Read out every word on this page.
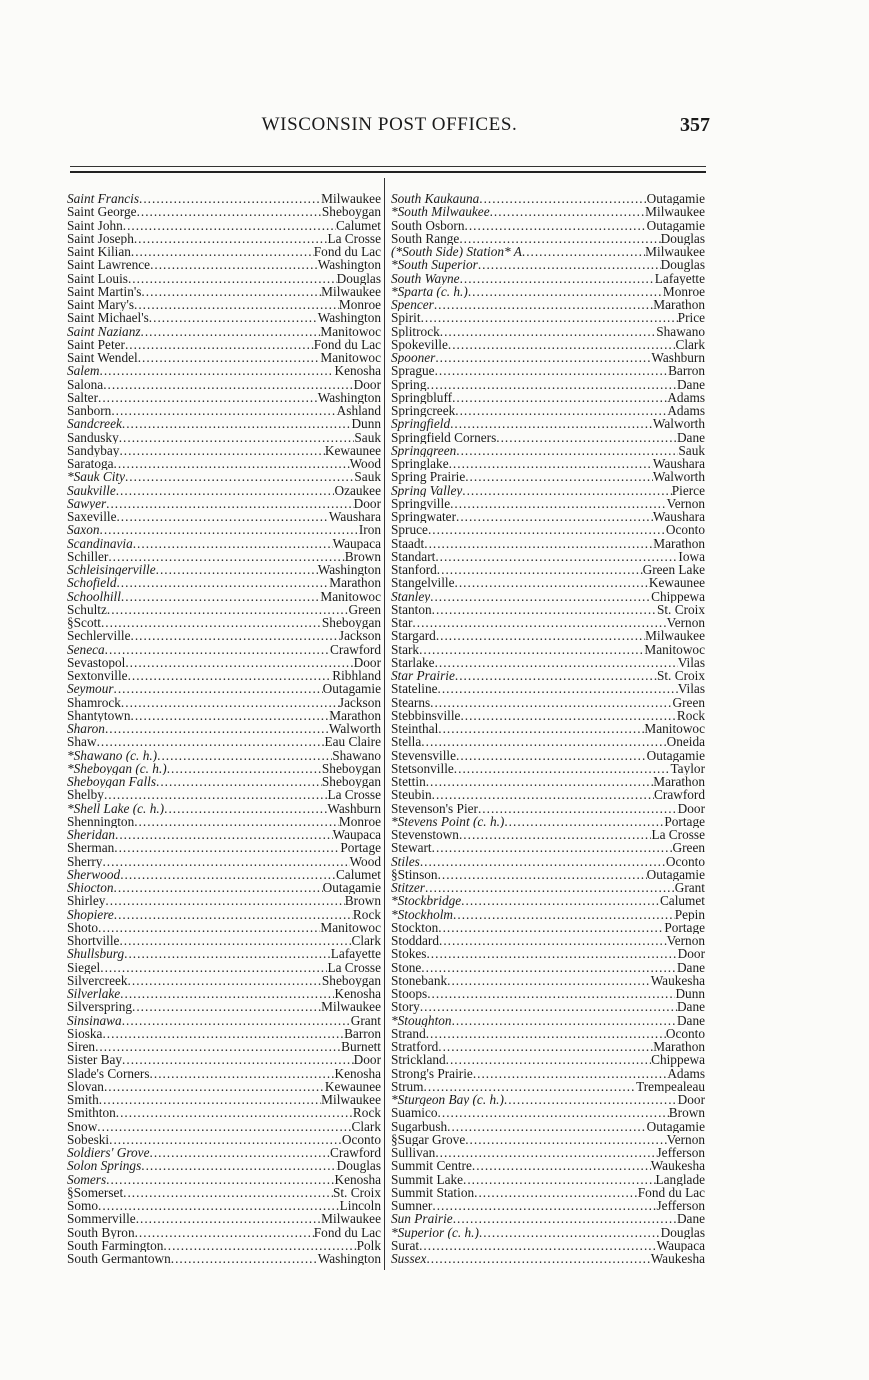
WISCONSIN POST OFFICES.	357
Saint Francis .....	Milwaukee
Saint George .....	Sheboygan
Saint John .....	Calumet
Saint Joseph .....	La Crosse
Saint Kilian .....	Fond du Lac
Saint Lawrence .....	Washington
Saint Louis .....	Douglas
Saint Martin's .....	Milwaukee
Saint Mary's .....	Monroe
Saint Michael's .....	Washington
Saint Nazianz .....	Manitowoc
Saint Peter .....	Fond du Lac
Saint Wendel .....	Manitowoc
Salem .....	Kenosha
Salona .....	Door
Salter .....	Washington
Sanborn .....	Ashland
Sandcreek .....	Dunn
Sandusky .....	Sauk
Sandybay .....	Kewaunee
Saratoga .....	Wood
*Sauk City .....	Sauk
Saukville .....	Ozaukee
Sawyer .....	Door
Saxeville .....	Waushara
Saxon .....	Iron
Scandinavia .....	Waupaca
Schiller .....	Brown
Schleisingerville .....	Washington
Schofield .....	Marathon
Schoolhill .....	Manitowoc
Schultz .....	Green
§Scott .....	Sheboygan
Sechlerville .....	Jackson
Seneca .....	Crawford
Sevastopol .....	Door
Sextonville .....	Ribhland
Seymour .....	Outagamie
Shamrock .....	Jackson
Shantytown .....	Marathon
Sharon .....	Walworth
Shaw .....	Eau Claire
*Shawano (c. h.) .....	Shawano
*Sheboygan (c. h.) .....	Sheboygan
Sheboygan Falls .....	Sheboygan
Shelby .....	La Crosse
*Shell Lake (c. h.) .....	Washburn
Shennington .....	Monroe
Sheridan .....	Waupaca
Sherman .....	Portage
Sherry .....	Wood
Sherwood .....	Calumet
Shiocton .....	Outagamie
Shirley .....	Brown
Shopiere .....	Rock
Shoto .....	Manitowoc
Shortville .....	Clark
Shullsburg .....	Lafayette
Siegel .....	La Crosse
Silvercreek .....	Sheboygan
Silverlake .....	Kenosha
Silverspring .....	Milwaukee
Sinsinawa .....	Grant
Sioska .....	Barron
Siren .....	Burnett
Sister Bay .....	Door
Slade's Corners .....	Kenosha
Slovan .....	Kewaunee
Smith .....	Milwaukee
Smithton .....	Rock
Snow .....	Clark
Sobeski .....	Oconto
Soldiers' Grove .....	Crawford
Solon Springs .....	Douglas
Somers .....	Kenosha
§Somerset .....	St. Croix
Somo .....	Lincoln
Sommerville .....	Milwaukee
South Byron .....	Fond du Lac
South Farmington .....	Polk
South Germantown .....	Washington
South Kaukauna .....	Outagamie
*South Milwaukee .....	Milwaukee
South Osborn .....	Outagamie
South Range .....	Douglas
(*South Side) Station* A .....	Milwaukee
*South Superior .....	Douglas
South Wayne .....	Lafayette
*Sparta (c. h.) .....	Monroe
Spencer .....	Marathon
Spirit .....	Price
Splitrock .....	Shawano
Spokeville .....	Clark
Spooner .....	Washburn
Sprague .....	Barron
Spring .....	Dane
Springbluff .....	Adams
Springcreek .....	Adams
Springfield .....	Walworth
Springfield Corners .....	Dane
Springgreen .....	Sauk
Springlake .....	Waushara
Spring Prairie .....	Walworth
Spring Valley .....	Pierce
Springville .....	Vernon
Springwater .....	Waushara
Spruce .....	Oconto
Staadt .....	Marathon
Standart .....	Iowa
Stanford .....	Green Lake
Stangelville .....	Kewaunee
Stanley .....	Chippewa
Stanton .....	St. Croix
Star .....	Vernon
Stargard .....	Milwaukee
Stark .....	Manitowoc
Starlake .....	Vilas
Star Prairie .....	St. Croix
Stateline .....	Vilas
Stearns .....	Green
Stebbinsville .....	Rock
Steinthal .....	Manitowoc
Stella .....	Oneida
Stevensville .....	Outagamie
Stetsonville .....	Taylor
Stettin .....	Marathon
Steubin .....	Crawford
Stevenson's Pier .....	Door
*Stevens Point (c. h.) .....	Portage
Stevenstown .....	La Crosse
Stewart .....	Green
Stiles .....	Oconto
§Stinson .....	Outagamie
Stitzer .....	Grant
*Stockbridge .....	Calumet
*Stockholm .....	Pepin
Stockton .....	Portage
Stoddard .....	Vernon
Stokes .....	Door
Stone .....	Dane
Stonebank .....	Waukesha
Stoops .....	Dunn
Story .....	Dane
*Stoughton .....	Dane
Strand .....	Oconto
Stratford .....	Marathon
Strickland .....	Chippewa
Strong's Prairie .....	Adams
Strum .....	Trempealeau
*Sturgeon Bay (c. h.) .....	Door
Suamico .....	Brown
Sugarbush .....	Outagamie
§Sugar Grove .....	Vernon
Sullivan .....	Jefferson
Summit Centre .....	Waukesha
Summit Lake .....	Langlade
Summit Station .....	Fond du Lac
Sumner .....	Jefferson
Sun Prairie .....	Dane
*Superior (c. h.) .....	Douglas
Surat .....	Waupaca
Sussex .....	Waukesha
